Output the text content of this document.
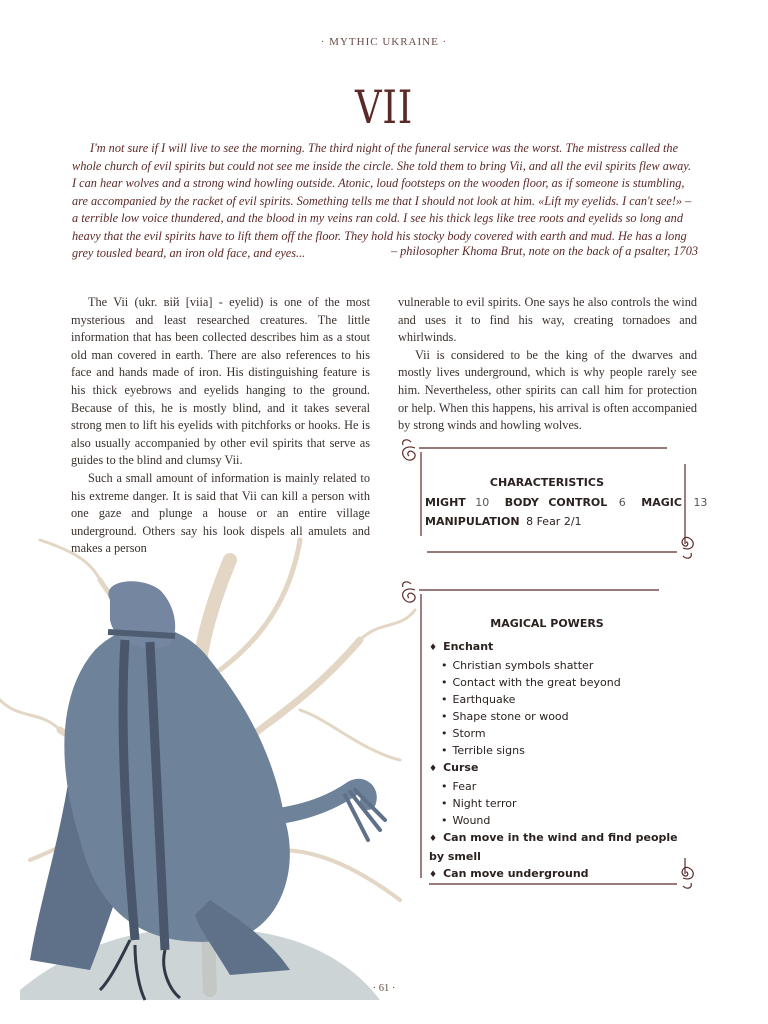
· MYTHIC UKRAINE ·
VII

I'm not sure if I will live to see the morning. The third night of the funeral service was the worst. The mistress called the whole church of evil spirits but could not see me inside the circle. She told them to bring Vii, and all the evil spirits flew away. I can hear wolves and a strong wind howling outside. Atonic, loud footsteps on the wooden floor, as if someone is stumbling, are accompanied by the racket of evil spirits. Something tells me that I should not look at him. «Lift my eyelids. I can't see!» – a terrible low voice thundered, and the blood in my veins ran cold. I see his thick legs like tree roots and eyelids so long and heavy that the evil spirits have to lift them off the floor. They hold his stocky body covered with earth and mud. He has a long grey tousled beard, an iron old face, and eyes...	– philosopher Khoma Brut, note on the back of a psalter, 1703

The Vii (ukr. вій [viia] - eyelid) is one of the most mysterious and least researched creatures. The little information that has been collected describes him as a stout old man covered in earth. There are also references to his face and hands made of iron. His distinguishing feature is his thick eyebrows and eyelids hanging to the ground. Because of this, he is mostly blind, and it takes several strong men to lift his eyelids with pitchforks or hooks. He is also usually accompanied by other evil spirits that serve as guides to the blind and clumsy Vii.

Such a small amount of information is mainly related to his extreme danger. It is said that Vii can kill a person with one gaze and plunge a house or an entire village underground. Others say his look dispels all amulets and makes a person

vulnerable to evil spirits. One says he also controls the wind and uses it to find his way, creating tornadoes and whirlwinds.

Vii is considered to be the king of the dwarves and mostly lives underground, which is why people rarely see him. Nevertheless, other spirits can call him for protection or help. When this happens, his arrival is often accompanied by strong winds and howling wolves.

CHARACTERISTICS
MIGHT 10 BODY CONTROL 6 MAGIC 13
MANIPULATION 8 Fear 2/1
MAGICAL POWERS
♦ Enchant
• Christian symbols shatter
• Contact with the great beyond
• Earthquake
• Shape stone or wood
• Storm
• Terrible signs
♦ Curse
• Fear
• Night terror
• Wound
♦ Can move in the wind and find people by smell
♦ Can move underground
· 61 ·
